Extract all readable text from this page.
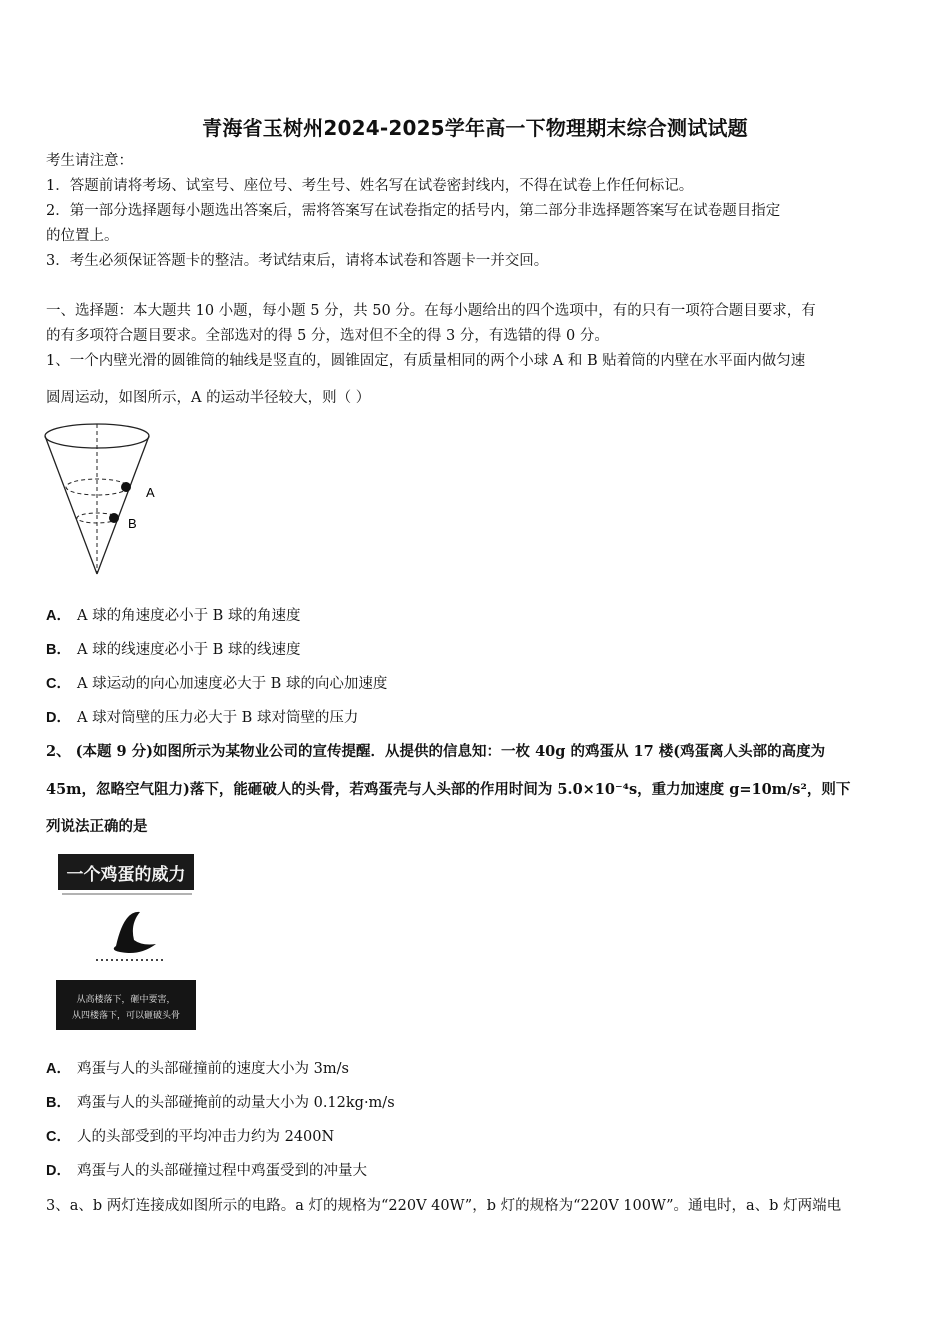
青海省玉树州2024-2025学年高一下物理期末综合测试试题
考生请注意：
1．答题前请将考场、试室号、座位号、考生号、姓名写在试卷密封线内，不得在试卷上作任何标记。
2．第一部分选择题每小题选出答案后，需将答案写在试卷指定的括号内，第二部分非选择题答案写在试卷题目指定
的位置上。
3．考生必须保证答题卡的整洁。考试结束后，请将本试卷和答题卡一并交回。
一、选择题：本大题共 10 小题，每小题 5 分，共 50 分。在每小题给出的四个选项中，有的只有一项符合题目要求，有
的有多项符合题目要求。全部选对的得 5 分，选对但不全的得 3 分，有选错的得 0 分。
1、一个内壁光滑的圆锥筒的轴线是竖直的，圆锥固定，有质量相同的两个小球 A 和 B 贴着筒的内壁在水平面内做匀速
圆周运动，如图所示，A 的运动半径较大，则（ ）
A
B
A． A 球的角速度必小于 B 球的角速度
B． A 球的线速度必小于 B 球的线速度
C． A 球运动的向心加速度必大于 B 球的向心加速度
D． A 球对筒壁的压力必大于 B 球对筒壁的压力
2、 (本题 9 分)如图所示为某物业公司的宣传提醒．从提供的信息知：一枚 40g 的鸡蛋从 17 楼(鸡蛋离人头部的高度为
45m，忽略空气阻力)落下，能砸破人的头骨，若鸡蛋壳与人头部的作用时间为 5.0×10⁻⁴s，重力加速度 g=10m/s²，则下
列说法正确的是
一个鸡蛋的威力
从高楼落下，砸中要害，
从四楼落下，可以砸破头骨
A． 鸡蛋与人的头部碰撞前的速度大小为 3m/s
B． 鸡蛋与人的头部碰掩前的动量大小为 0.12kg·m/s
C． 人的头部受到的平均冲击力约为 2400N
D． 鸡蛋与人的头部碰撞过程中鸡蛋受到的冲量大
3、a、b 两灯连接成如图所示的电路。a 灯的规格为“220V 40W”，b 灯的规格为“220V 100W”。通电时，a、b 灯两端电
